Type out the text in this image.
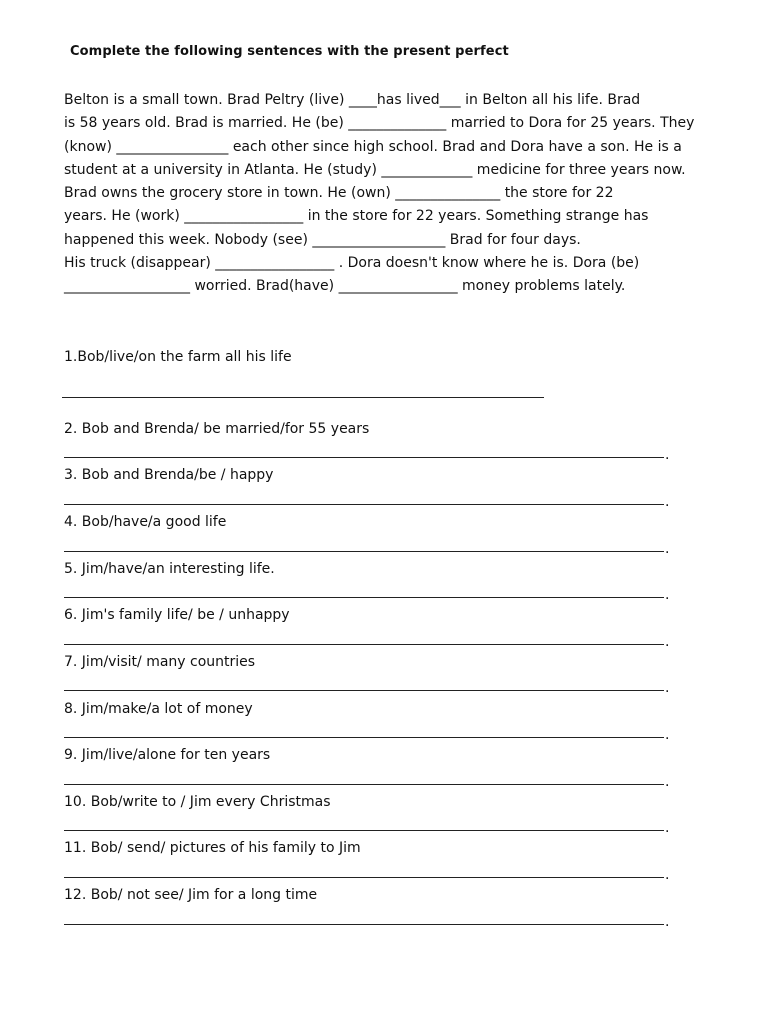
Complete the following sentences with the present perfect
Belton is a small town. Brad Peltry (live) ____has lived___ in Belton all his life. Brad
is 58 years old. Brad is married. He (be) ______________ married to Dora for 25 years. They
(know) ________________ each other since high school. Brad and Dora have a son. He is a
student at a university in Atlanta. He (study) _____________ medicine for three years now.
Brad owns the grocery store in town. He (own) _______________ the store for 22
years. He (work) _________________ in the store for 22 years. Something strange has
happened this week. Nobody (see) ___________________ Brad for four days.
His truck (disappear) _________________ . Dora doesn't know where he is. Dora (be)
__________________ worried. Brad(have) _________________ money problems lately.
1.Bob/live/on the farm all his life
2. Bob and Brenda/ be married/for 55 years
.
3. Bob and Brenda/be / happy
.
4. Bob/have/a good life
.
5. Jim/have/an interesting life.
.
6. Jim's family life/ be / unhappy
.
7. Jim/visit/ many countries
.
8. Jim/make/a lot of money
.
9. Jim/live/alone for ten years
.
10. Bob/write to / Jim every Christmas
.
11. Bob/ send/ pictures of his family to Jim
.
12. Bob/ not see/ Jim for a long time
.
